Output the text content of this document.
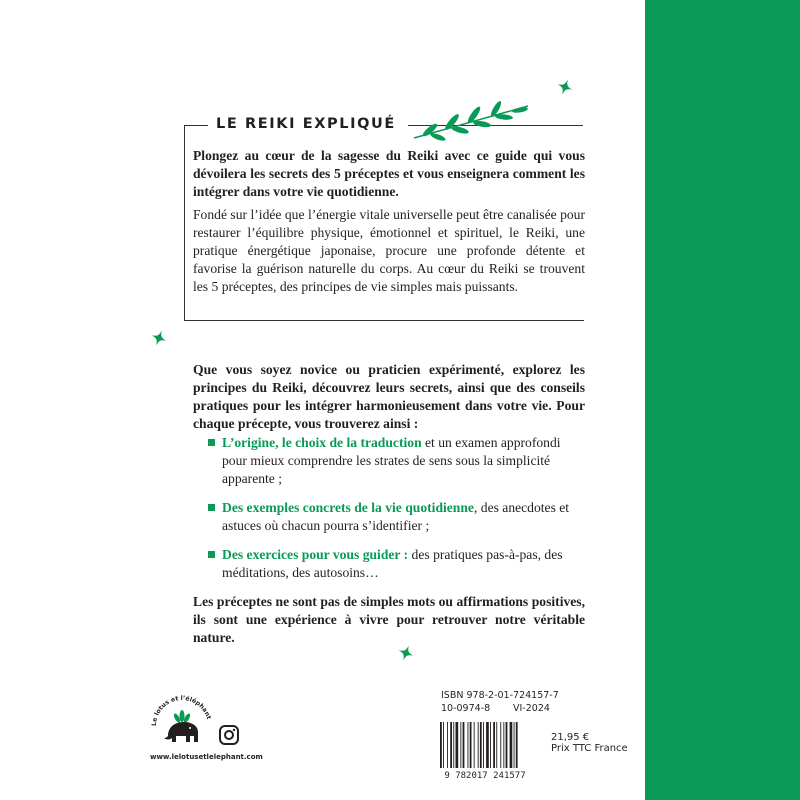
LE REIKI EXPLIQUÉ

Plongez au cœur de la sagesse du Reiki avec ce guide qui vous dévoilera les secrets des 5 préceptes et vous enseignera comment les intégrer dans votre vie quotidienne.

Fondé sur l’idée que l’énergie vitale universelle peut être canalisée pour restaurer l’équilibre physique, émotionnel et spirituel, le Reiki, une pratique énergétique japonaise, procure une profonde détente et favorise la guérison naturelle du corps. Au cœur du Reiki se trouvent les 5 préceptes, des principes de vie simples mais puissants.

Que vous soyez novice ou praticien expérimenté, explorez les principes du Reiki, découvrez leurs secrets, ainsi que des conseils pratiques pour les intégrer harmonieusement dans votre vie. Pour chaque précepte, vous trouverez ainsi :

L’origine, le choix de la traduction et un examen approfondi pour mieux comprendre les strates de sens sous la simplicité apparente ;
Des exemples concrets de la vie quotidienne, des anecdotes et astuces où chacun pourra s’identifier ;
Des exercices pour vous guider : des pratiques pas-à-pas, des méditations, des autosoins…

Les préceptes ne sont pas de simples mots ou affirmations positives, ils sont une expérience à vivre pour retrouver notre véritable nature.

Le lotus et l’éléphant
www.lelotusetlelephant.com
ISBN 978-2-01-724157-7
10-0974-8 VI-2024
9 782017 241577
21,95 €
Prix TTC France
